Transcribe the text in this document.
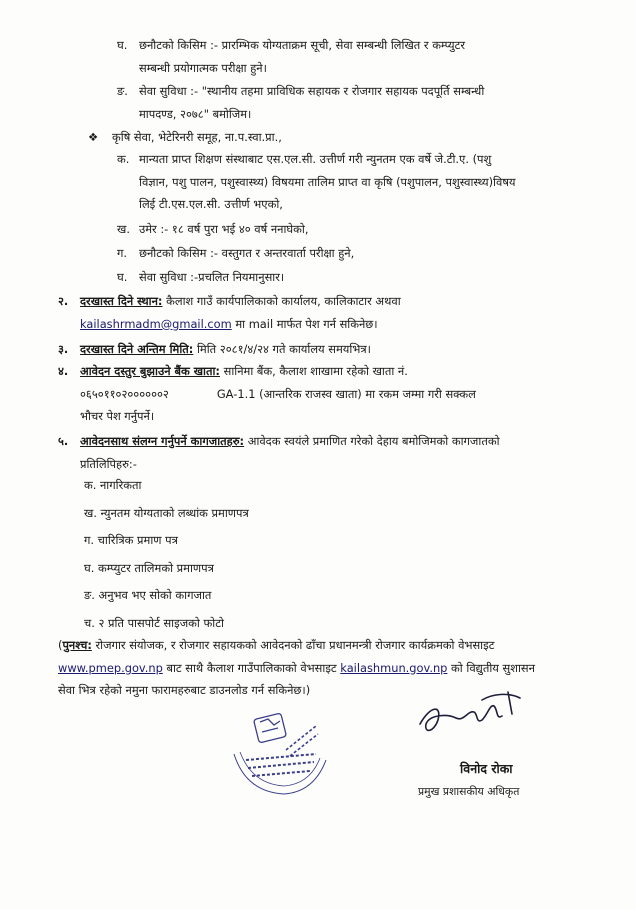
घ. छनौटको किसिम :- प्रारम्भिक योग्यताक्रम सूची, सेवा सम्बन्धी लिखित र कम्प्युटर
सम्बन्धी प्रयोगात्मक परीक्षा हुने।
ङ. सेवा सुविधा :- "स्थानीय तहमा प्राविधिक सहायक र रोजगार सहायक पदपूर्ति सम्बन्धी
मापदण्ड, २०७८" बमोजिम।
❖ कृषि सेवा, भेटेरिनरी समूह, ना.प.स्वा.प्रा.,
क. मान्यता प्राप्त शिक्षण संस्थाबाट एस.एल.सी. उत्तीर्ण गरी न्युनतम एक वर्षे जे.टी.ए. (पशु
विज्ञान, पशु पालन, पशुस्वास्थ्य) विषयमा तालिम प्राप्त वा कृषि (पशुपालन, पशुस्वास्थ्य)विषय
लिई टी.एस.एल.सी. उत्तीर्ण भएको,
ख. उमेर :- १८ वर्ष पुरा भई ४० वर्ष ननाघेको,
ग. छनौटको किसिम :- वस्तुगत र अन्तरवार्ता परीक्षा हुने,
घ. सेवा सुविधा :-प्रचलित नियमानुसार।
२. दरखास्त दिने स्थान: कैलाश गाउँ कार्यपालिकाको कार्यालय, कालिकाटार अथवा
kailashrmadm@gmail.com मा mail मार्फत पेश गर्न सकिनेछ।
३. दरखास्त दिने अन्तिम मिति: मिति २०८१/४/२४ गते कार्यालय समयभित्र।
४. आवेदन दस्तुर बुझाउने बैंक खाता: सानिमा बैंक, कैलाश शाखामा रहेको खाता नं.
०६५०११०२००००००२	GA-1.1 (आन्तरिक राजस्व खाता) मा रकम जम्मा गरी सक्कल
भौचर पेश गर्नुपर्ने।
५. आवेदनसाथ संलग्न गर्नुपर्ने कागजातहरु: आवेदक स्वयंले प्रमाणित गरेको देहाय बमोजिमको कागजातको
प्रतिलिपिहरु:-
क. नागरिकता
ख. न्युनतम योग्यताको लब्धांक प्रमाणपत्र
ग. चारित्रिक प्रमाण पत्र
घ. कम्प्युटर तालिमको प्रमाणपत्र
ङ. अनुभव भए सोको कागजात
च. २ प्रति पासपोर्ट साइजको फोटो
(पुनश्च: रोजगार संयोजक, र रोजगार सहायकको आवेदनको ढाँचा प्रधानमन्त्री रोजगार कार्यक्रमको वेभसाइट
www.pmep.gov.np बाट साथै कैलाश गाउँपालिकाको वेभसाइट kailashmun.gov.np को विद्युतीय सुशासन
सेवा भित्र रहेको नमुना फारामहरुबाट डाउनलोड गर्न सकिनेछ।)
विनोद रोका
प्रमुख प्रशासकीय अधिकृत
